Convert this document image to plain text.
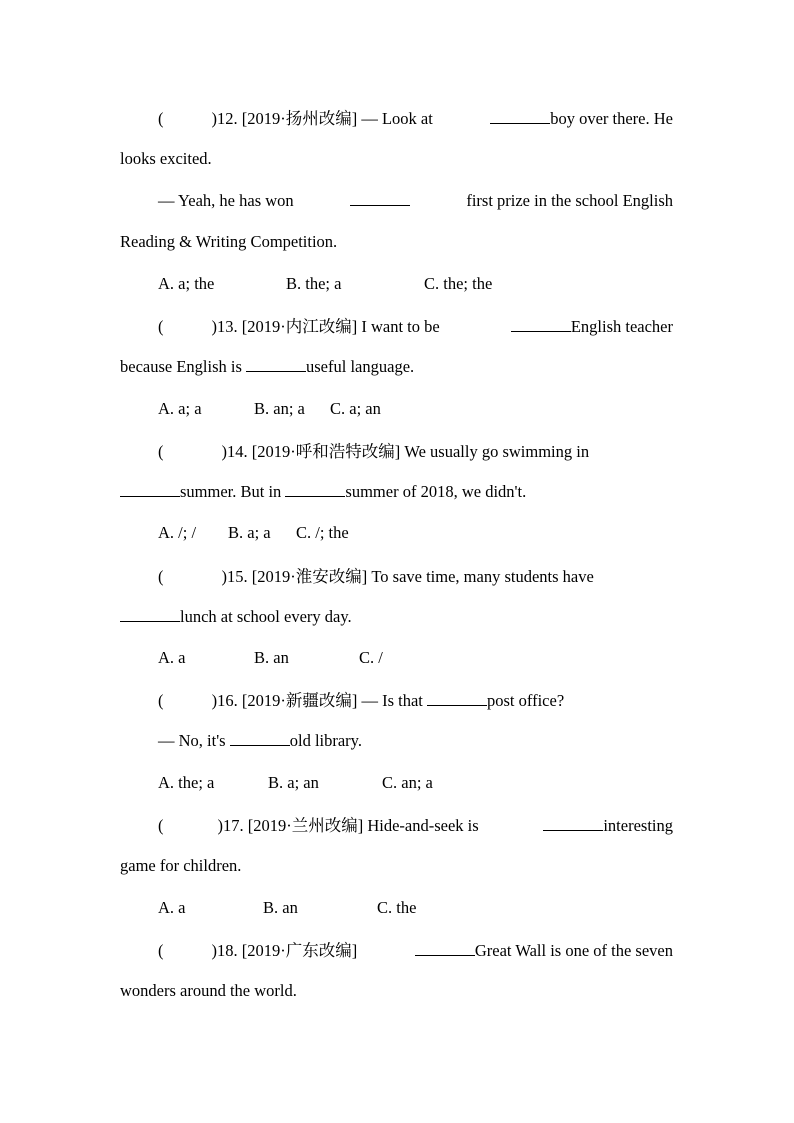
(	)12. [2019·扬州改编] — Look at	boy over there. He
looks excited.
— Yeah, he has won	first prize in the school English
Reading & Writing Competition.
A. a; the	B. the; a	C. the; the
(	)13. [2019·内江改编] I want to be	English teacher
because English is	useful language.
A. a; a	B. an; a C. a; an
(	)14. [2019·呼和浩特改编] We usually go swimming in
summer. But in	summer of 2018, we didn't.
A. /; / B. a; a C. /; the
(	)15. [2019·淮安改编] To save time, many students have
lunch at school every day.
A. a	B. an	C. /
(	)16. [2019·新疆改编] — Is that	post office?
— No, it's	old library.
A. the; a	B. a; an	C. an; a
(	)17. [2019·兰州改编] Hide-and-seek is	interesting
game for children.
A. a	B. an	C. the
(	)18. [2019·广东改编]	Great Wall is one of the seven
wonders around the world.
